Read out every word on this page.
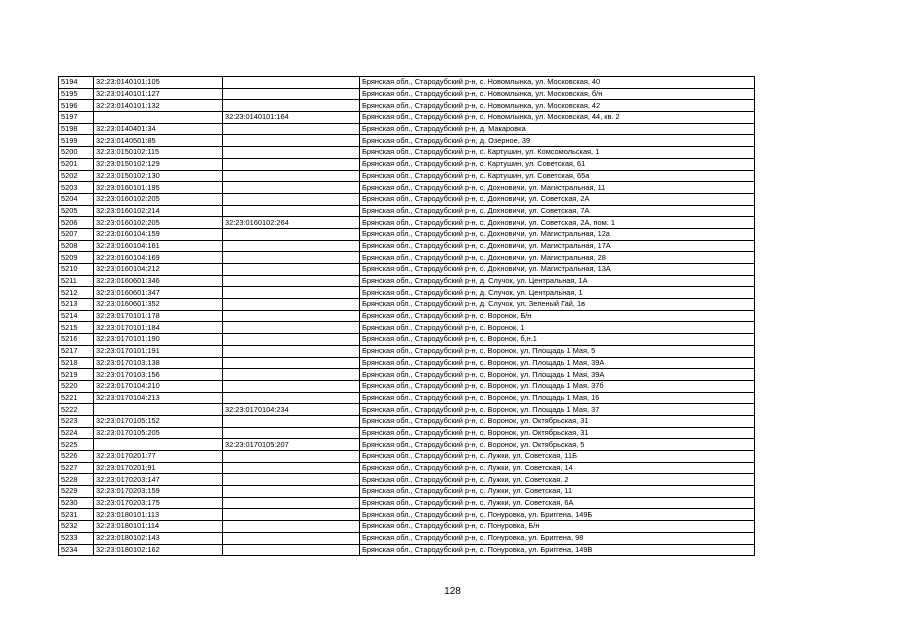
5194	32:23:0140101:105		Брянская обл., Стародубский р-н, с. Новомлынка, ул. Московская, 40
5195	32:23:0140101:127		Брянская обл., Стародубский р-н, с. Новомлынка, ул. Московская, б/н
5196	32:23:0140101:132		Брянская обл., Стародубский р-н, с. Новомлынка, ул. Московская, 42
5197		32:23:0140101:164	Брянская обл., Стародубский р-н, с. Новомлынка, ул. Московская, 44, кв. 2
5198	32:23:0140401:34		Брянская обл., Стародубский р-н, д. Макаровка
5199	32:23:0140501:85		Брянская обл., Стародубский р-н, д. Озерное, 39
5200	32:23:0150102:115		Брянская обл., Стародубский р-н, с. Картушин, ул. Комсомольская, 1
5201	32:23:0150102:129		Брянская обл., Стародубский р-н, с. Картушин, ул. Советская, 61
5202	32:23:0150102:130		Брянская обл., Стародубский р-н, с. Картушин, ул. Советская, 65а
5203	32:23:0160101:195		Брянская обл., Стародубский р-н, с. Дохновичи, ул. Магистральная, 11
5204	32:23:0160102:205		Брянская обл., Стародубский р-н, с. Дохновичи, ул. Советская, 2А
5205	32:23:0160102:214		Брянская обл., Стародубский р-н, с. Дохновичи, ул. Советская, 7А
5206	32:23:0160102:205	32:23:0160102:264	Брянская обл., Стародубский р-н, с. Дохновичи, ул. Советская, 2А, пом. 1
5207	32:23:0160104:159		Брянская обл., Стародубский р-н, с. Дохновичи, ул. Магистральная, 12а
5208	32:23:0160104:161		Брянская обл., Стародубский р-н, с. Дохновичи, ул. Магистральная, 17А
5209	32:23:0160104:169		Брянская обл., Стародубский р-н, с. Дохновичи, ул. Магистральная, 28
5210	32:23:0160104:212		Брянская обл., Стародубский р-н, с. Дохновичи, ул. Магистральная, 13А
5211	32:23:0160601:346		Брянская обл., Стародубский р-н, д. Случок, ул. Центральная, 1А
5212	32:23:0160601:347		Брянская обл., Стародубский р-н, д. Случок, ул. Центральная, 1
5213	32:23:0160601:352		Брянская обл., Стародубский р-н, д. Случок, ул. Зеленый Гай, 1в
5214	32:23:0170101:178		Брянская обл., Стародубский р-н, с. Воронок, Б/н
5215	32:23:0170101:184		Брянская обл., Стародубский р-н, с. Воронок, 1
5216	32:23:0170101:190		Брянская обл., Стародубский р-н, с. Воронок, б.н.1
5217	32:23:0170101:191		Брянская обл., Стародубский р-н, с. Воронок, ул. Площадь 1 Мая, 5
5218	32:23:0170103:138		Брянская обл., Стародубский р-н, с. Воронок, ул. Площадь 1 Мая, 39А
5219	32:23:0170103:156		Брянская обл., Стародубский р-н, с. Воронок, ул. Площадь 1 Мая, 39А
5220	32:23:0170104:210		Брянская обл., Стародубский р-н, с. Воронок, ул. Площадь 1 Мая, 37б
5221	32:23:0170104:213		Брянская обл., Стародубский р-н, с. Воронок, ул. Площадь 1 Мая, 16
5222		32:23:0170104:234	Брянская обл., Стародубский р-н, с. Воронок, ул. Площадь 1 Мая, 37
5223	32:23:0170105:152		Брянская обл., Стародубский р-н, с. Воронок, ул. Октябрьская, 31
5224	32:23:0170105:205		Брянская обл., Стародубский р-н, с. Воронок, ул. Октябрьская, 31
5225		32:23:0170105:207	Брянская обл., Стародубский р-н, с. Воронок, ул. Октябрьская, 5
5226	32:23:0170201:77		Брянская обл., Стародубский р-н, с. Лужки, ул. Советская, 11Б
5227	32:23:0170201:91		Брянская обл., Стародубский р-н, с. Лужки, ул. Советская, 14
5228	32:23:0170203:147		Брянская обл., Стародубский р-н, с. Лужки, ул. Советская, 2
5229	32:23:0170203:159		Брянская обл., Стародубский р-н, с. Лужки, ул. Советская, 11
5230	32:23:0170203:175		Брянская обл., Стародубский р-н, с. Лужки, ул. Советская, 6А
5231	32:23:0180101:113		Брянская обл., Стародубский р-н, с. Понуровка, ул. Бриггена, 149Б
5232	32:23:0180101:114		Брянская обл., Стародубский р-н, с. Понуровка, Б/н
5233	32:23:0180102:143		Брянская обл., Стародубский р-н, с. Понуровка, ул. Бриггена, 98
5234	32:23:0180102:162		Брянская обл., Стародубский р-н, с. Понуровка, ул. Бриггена, 149В
128
